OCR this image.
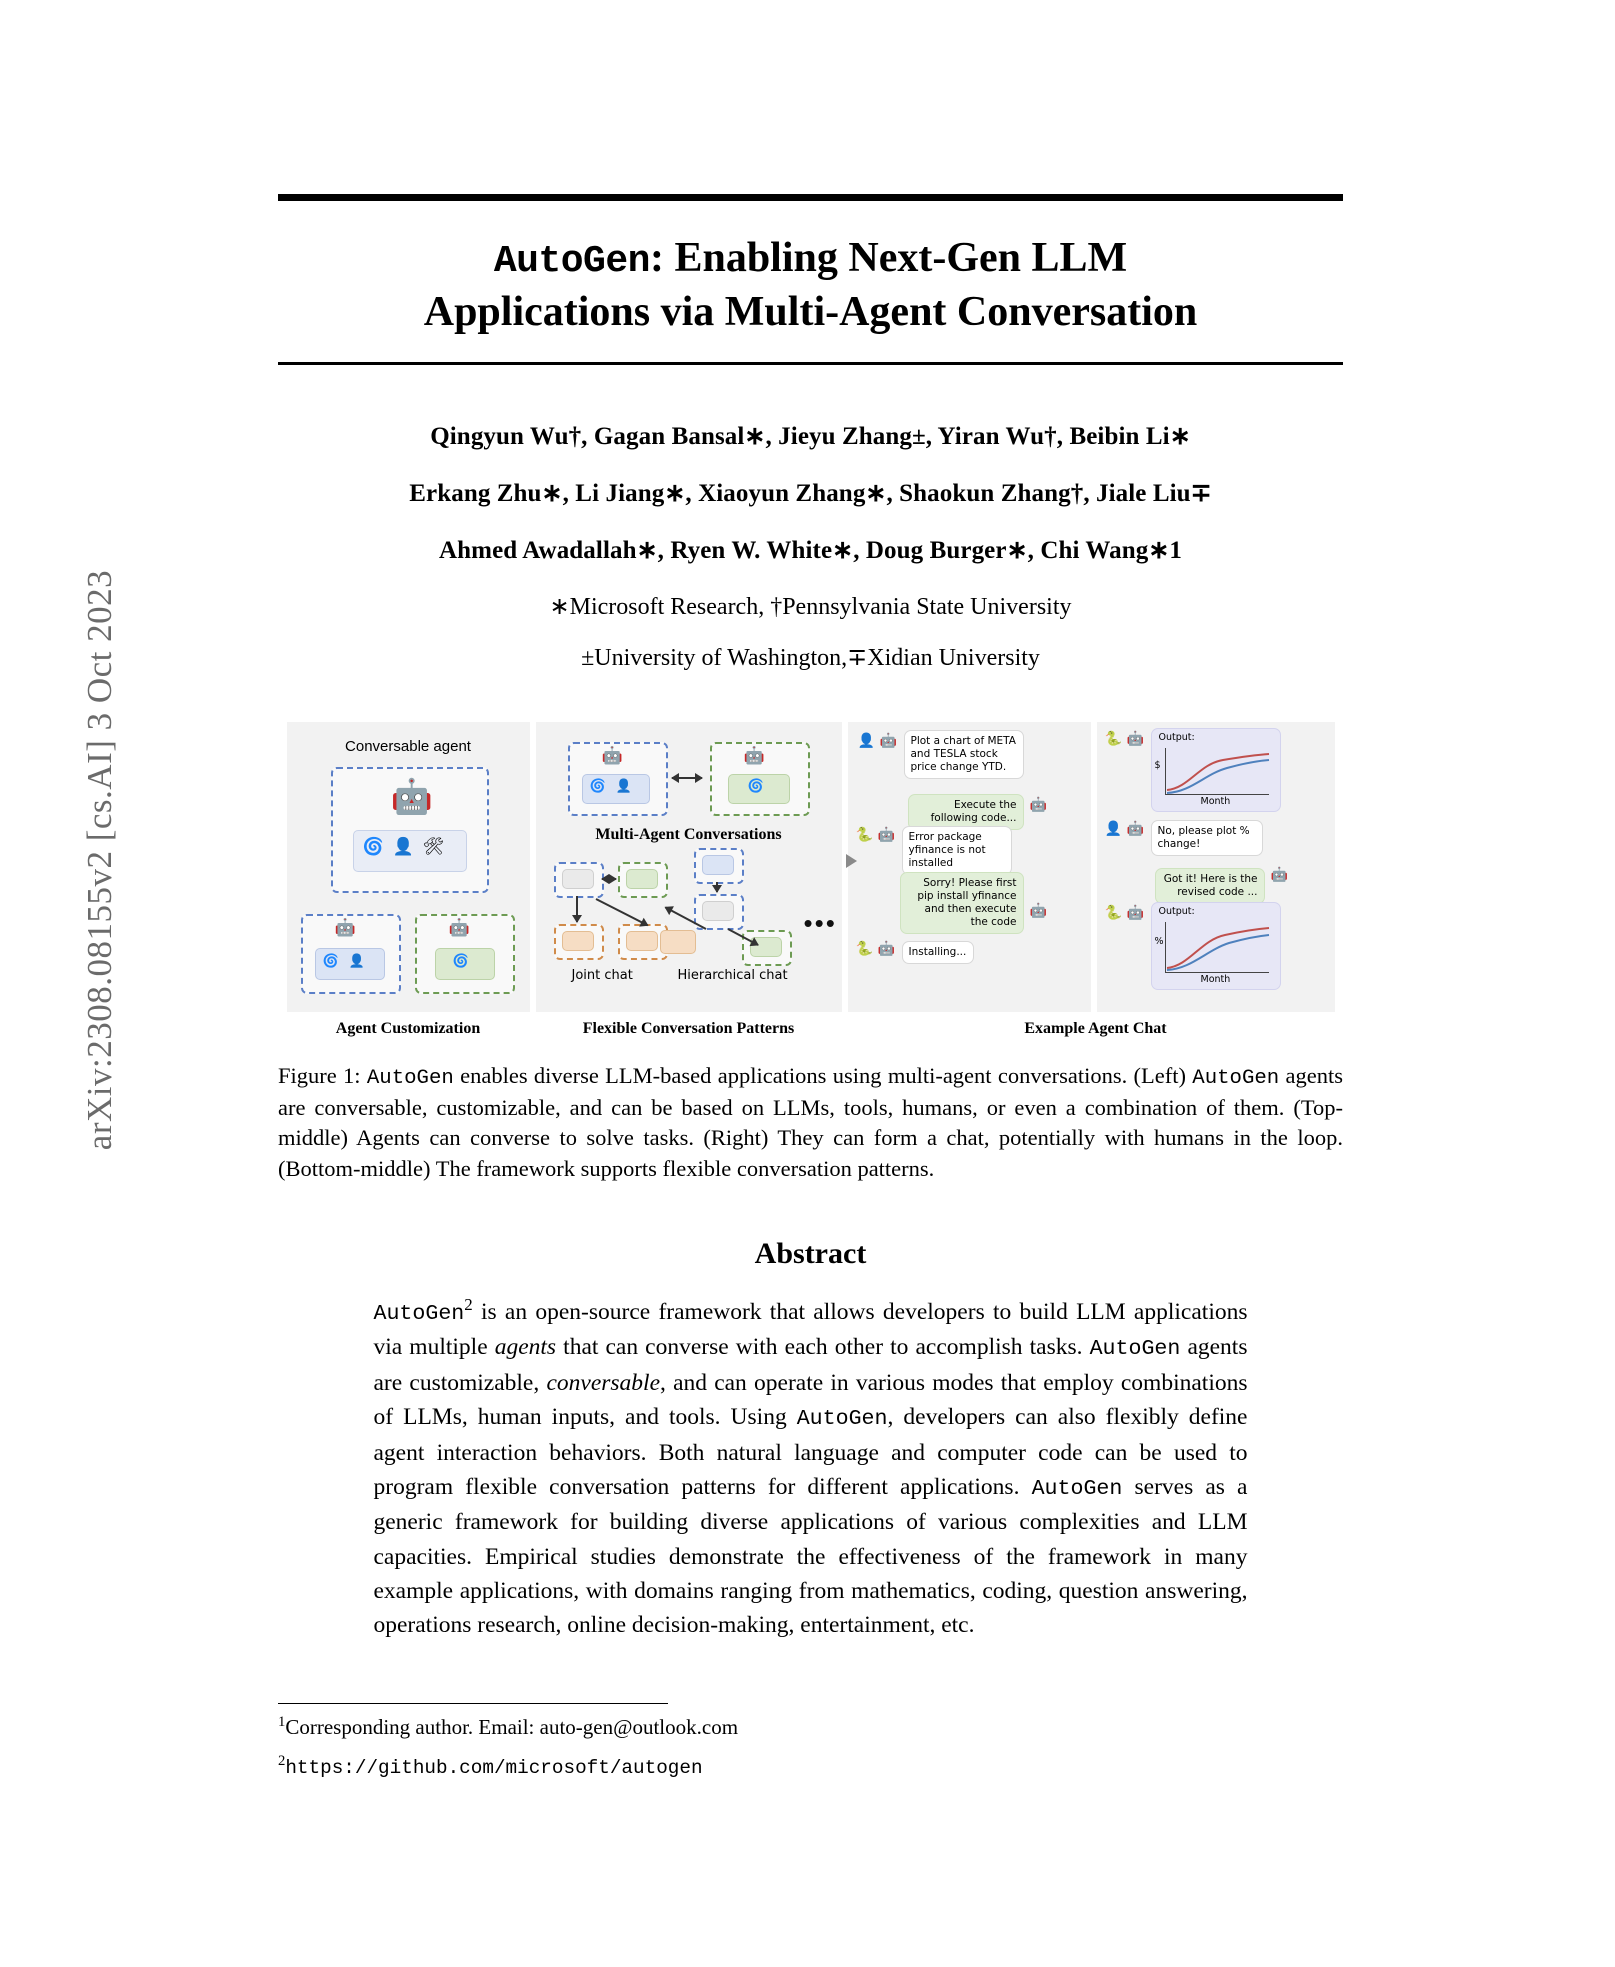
arXiv:2308.08155v2 [cs.AI] 3 Oct 2023
AutoGen: Enabling Next-Gen LLM
Applications via Multi-Agent Conversation
Qingyun Wu†, Gagan Bansal∗, Jieyu Zhang±, Yiran Wu†, Beibin Li∗
Erkang Zhu∗, Li Jiang∗, Xiaoyun Zhang∗, Shaokun Zhang†, Jiale Liu∓
Ahmed Awadallah∗, Ryen W. White∗, Doug Burger∗, Chi Wang∗1
∗Microsoft Research, †Pennsylvania State University
±University of Washington,∓Xidian University
Conversable agent
🤖
🌀 👤 🛠
🤖
🌀 👤
🤖
🌀
Agent Customization
🤖
🌀 👤
🤖
🌀
Multi-Agent Conversations
•••
Joint chat	Hierarchical chat
Flexible Conversation Patterns
👤 🤖	Plot a chart of META and TESLA stock price change YTD.
Execute the following code...
🤖
🐍 🤖	Error package yfinance is not installed
Sorry! Please first pip install yfinance and then execute the code
🤖
🐍 🤖	Installing...
🐍 🤖 Output:
$
Month
👤 🤖	No, please plot % change!
Got it! Here is the revised code ...
🤖
🐍 🤖 Output:
%
Month
Example Agent Chat

Figure 1: AutoGen enables diverse LLM-based applications using multi-agent conversations. (Left) AutoGen agents are conversable, customizable, and can be based on LLMs, tools, humans, or even a combination of them. (Top-middle) Agents can converse to solve tasks. (Right) They can form a chat, potentially with humans in the loop. (Bottom-middle) The framework supports flexible conversation patterns.

Abstract

AutoGen$^2$ is an open-source framework that allows developers to build LLM applications via multiple agents that can converse with each other to accomplish tasks. AutoGen agents are customizable, conversable, and can operate in various modes that employ combinations of LLMs, human inputs, and tools. Using AutoGen, developers can also flexibly define agent interaction behaviors. Both natural language and computer code can be used to program flexible conversation patterns for different applications. AutoGen serves as a generic framework for building diverse applications of various complexities and LLM capacities. Empirical studies demonstrate the effectiveness of the framework in many example applications, with domains ranging from mathematics, coding, question answering, operations research, online decision-making, entertainment, etc.

$^1$Corresponding author. Email: auto-gen@outlook.com
$^2$https://github.com/microsoft/autogen
